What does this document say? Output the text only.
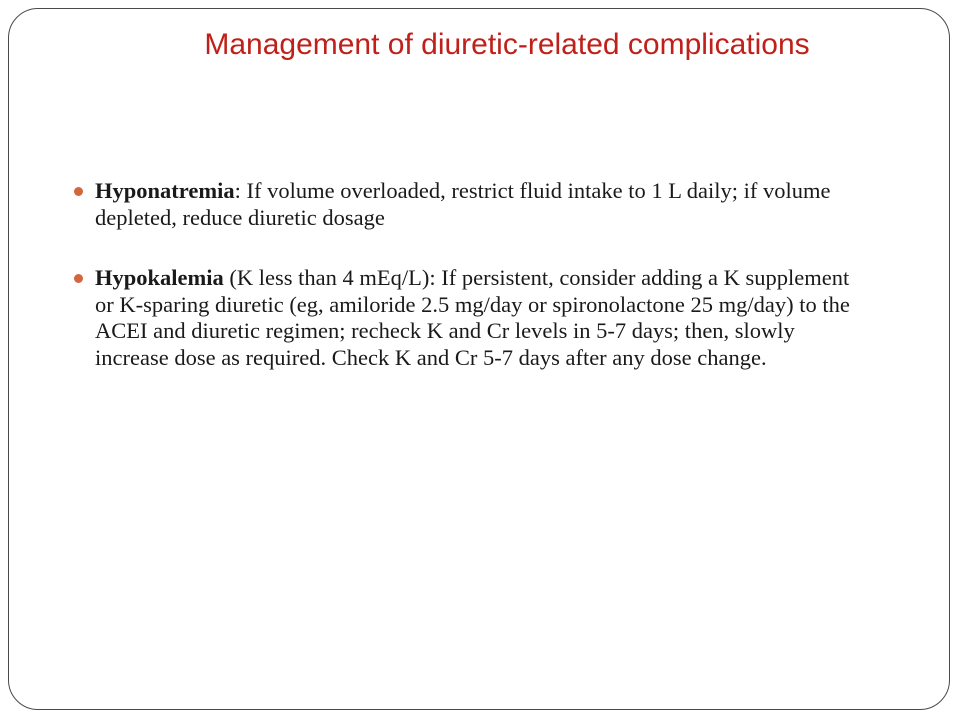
Management of diuretic-related complications
Hyponatremia: If volume overloaded, restrict fluid intake to 1 L daily; if volume depleted, reduce diuretic dosage
Hypokalemia (K less than 4 mEq/L): If persistent, consider adding a K supplement or K-sparing diuretic (eg, amiloride 2.5 mg/day or spironolactone 25 mg/day) to the ACEI and diuretic regimen; recheck K and Cr levels in 5-7 days; then, slowly increase dose as required. Check K and Cr 5-7 days after any dose change.
